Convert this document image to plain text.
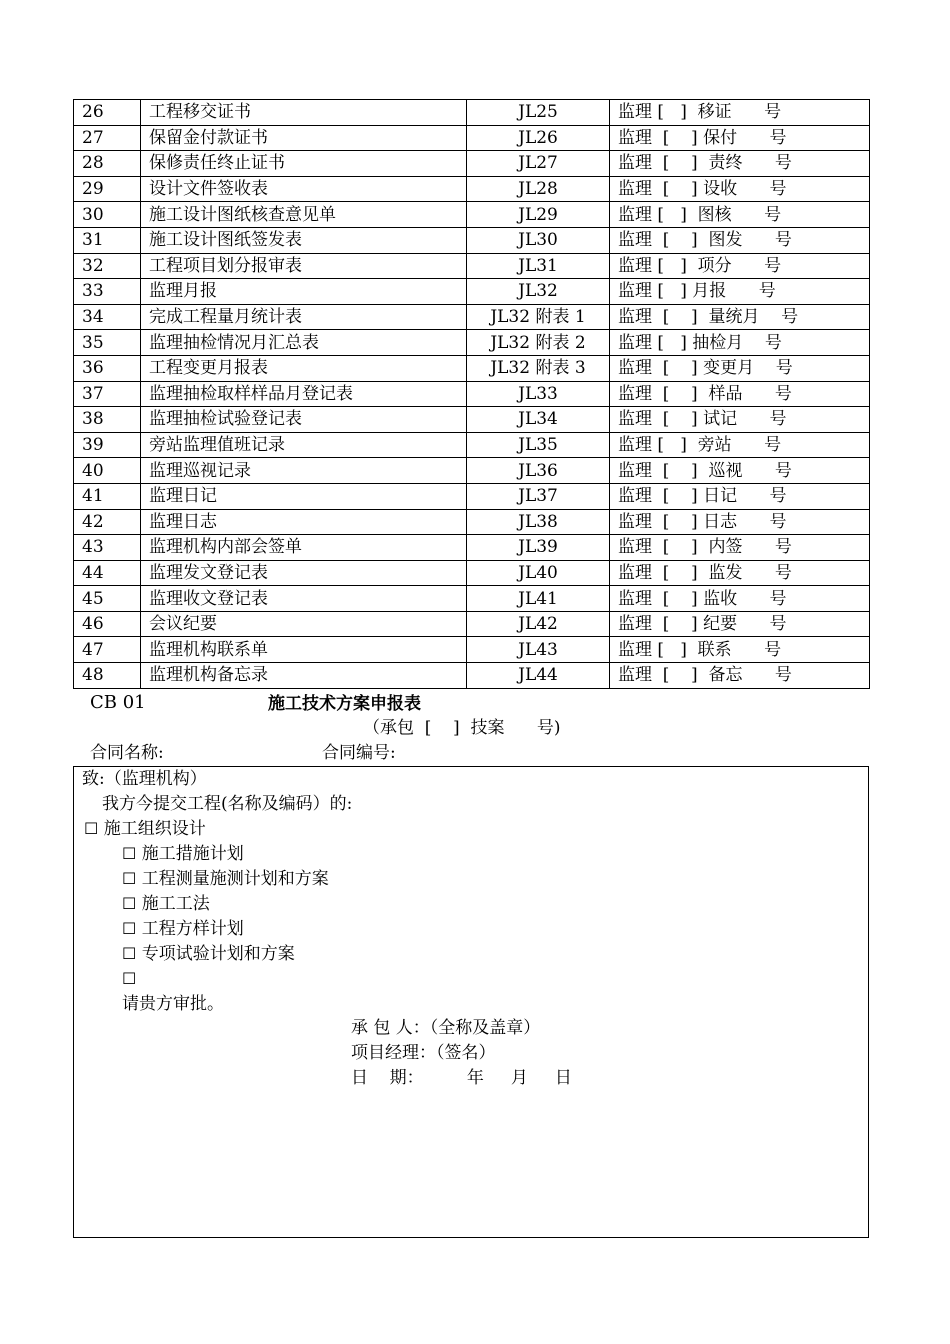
26	工程移交证书	JL25	监理 [   ]  移证      号
27	保留金付款证书	JL26	监理  [    ] 保付      号
28	保修责任终止证书	JL27	监理  [    ]  责终      号
29	设计文件签收表	JL28	监理  [    ] 设收      号
30	施工设计图纸核查意见单	JL29	监理 [   ]  图核      号
31	施工设计图纸签发表	JL30	监理  [    ]  图发      号
32	工程项目划分报审表	JL31	监理 [   ]  项分      号
33	监理月报	JL32	监理 [   ] 月报      号
34	完成工程量月统计表	JL32 附表 1	监理  [    ]  量统月    号
35	监理抽检情况月汇总表	JL32 附表 2	监理 [   ] 抽检月    号
36	工程变更月报表	JL32 附表 3	监理  [    ] 变更月    号
37	监理抽检取样样品月登记表	JL33	监理  [    ]  样品      号
38	监理抽检试验登记表	JL34	监理  [    ] 试记      号
39	旁站监理值班记录	JL35	监理 [   ]  旁站      号
40	监理巡视记录	JL36	监理  [    ]  巡视      号
41	监理日记	JL37	监理  [    ] 日记      号
42	监理日志	JL38	监理  [    ] 日志      号
43	监理机构内部会签单	JL39	监理  [    ]  内签      号
44	监理发文登记表	JL40	监理  [    ]  监发      号
45	监理收文登记表	JL41	监理  [    ] 监收      号
46	会议纪要	JL42	监理  [    ] 纪要      号
47	监理机构联系单	JL43	监理 [   ]  联系      号
48	监理机构备忘录	JL44	监理  [    ]  备忘      号
CB 01	施工技术方案申报表
（承包  [    ]  技案      号)
合同名称:	合同编号:
致:（监理机构）
我方今提交工程(名称及编码）的:
☐ 施工组织设计
☐ 施工措施计划
☐ 工程测量施测计划和方案
☐ 施工工法
☐ 工程方样计划
☐ 专项试验计划和方案
☐
请贵方审批。
承 包 人：（全称及盖章）
项目经理：（签名）
日    期：        年     月     日
